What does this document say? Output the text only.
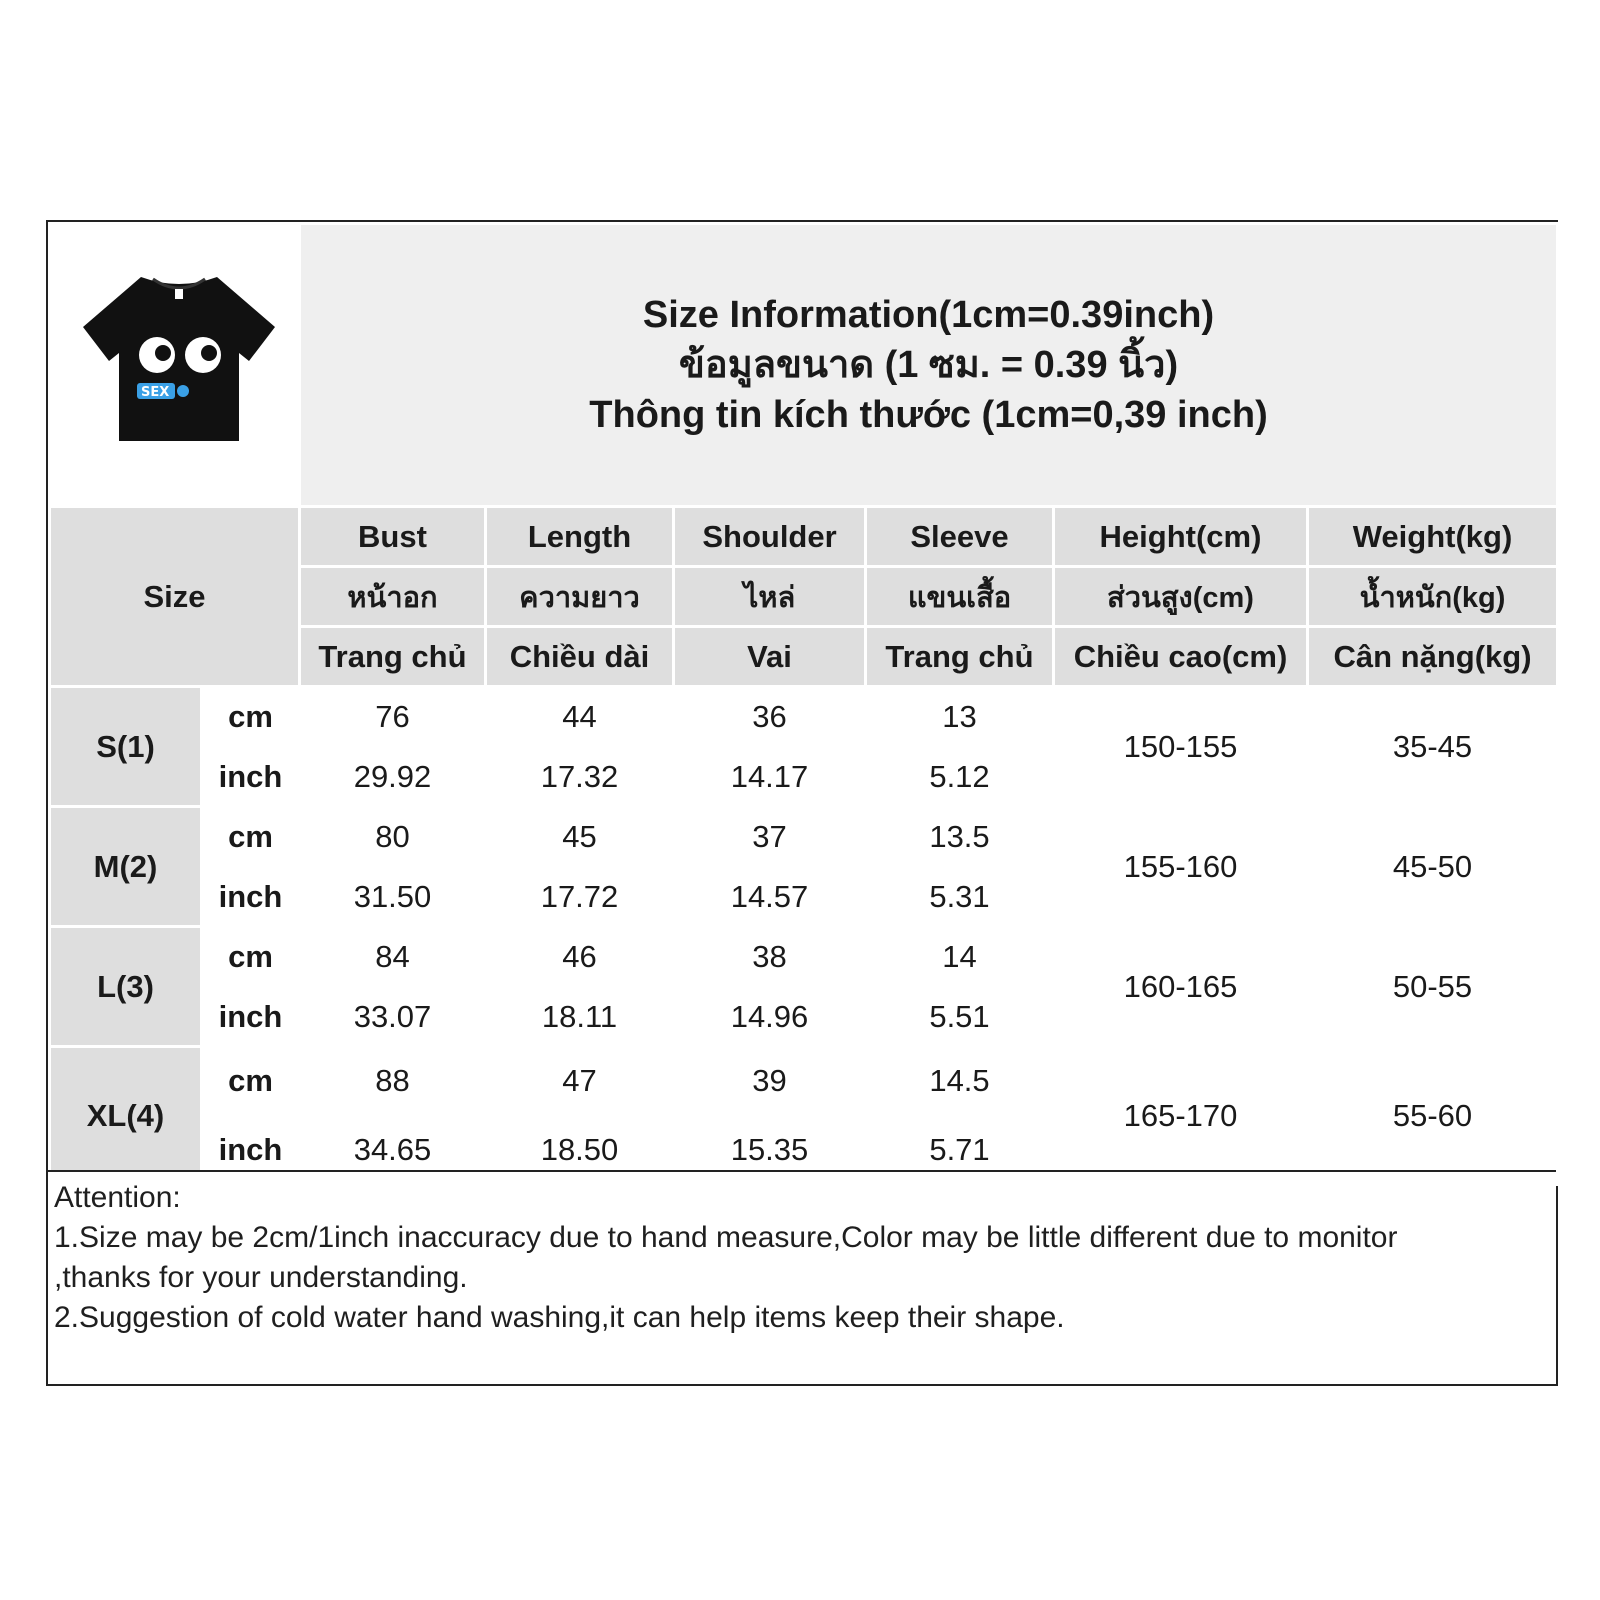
SEX		Size Information(1cm=0.39inch)
ข้อมูลขนาด (1 ซม. = 0.39 นิ้ว)
Thông tin kích thước (1cm=0,39 inch)					

Size		Bust	Length	Shoulder	Sleeve	Height(cm)	Weight(kg)
		หน้าอก	ความยาว	ไหล่	แขนเสื้อ	ส่วนสูง(cm)	น้ำหนัก(kg)
		Trang chủ	Chiều dài	Vai	Trang chủ	Chiều cao(cm)	Cân nặng(kg)
S(1)	cm	76	44	36	13	150-155	35-45
	inch	29.92	17.32	14.17	5.12		
M(2)	cm	80	45	37	13.5	155-160	45-50
	inch	31.50	17.72	14.57	5.31		
L(3)	cm	84	46	38	14	160-165	50-55
	inch	33.07	18.11	14.96	5.51		
XL(4)	cm	88	47	39	14.5	165-170	55-60
	inch	34.65	18.50	15.35	5.71		
Attention:
1.Size may be 2cm/1inch inaccuracy due to hand measure,Color may be little different due to monitor
,thanks for your understanding.
2.Suggestion of cold water hand washing,it can help items keep their shape.
